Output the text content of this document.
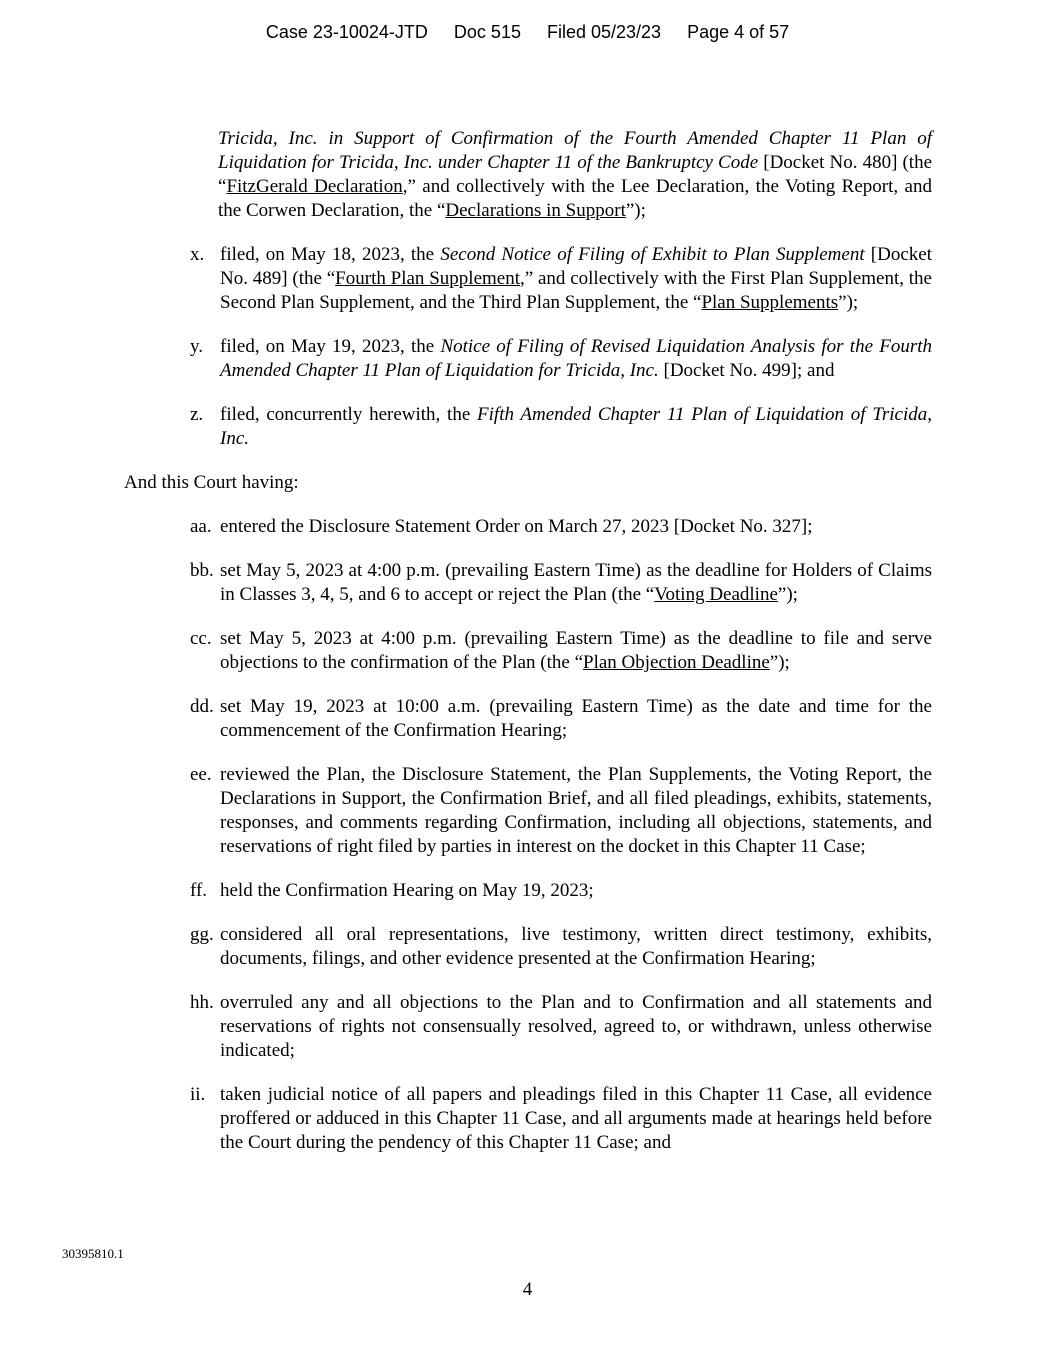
Case 23-10024-JTD Doc 515 Filed 05/23/23 Page 4 of 57

Tricida, Inc. in Support of Confirmation of the Fourth Amended Chapter 11 Plan of Liquidation for Tricida, Inc. under Chapter 11 of the Bankruptcy Code [Docket No. 480] (the “FitzGerald Declaration,” and collectively with the Lee Declaration, the Voting Report, and the Corwen Declaration, the “Declarations in Support”);

x. filed, on May 18, 2023, the Second Notice of Filing of Exhibit to Plan Supplement [Docket No. 489] (the “Fourth Plan Supplement,” and collectively with the First Plan Supplement, the Second Plan Supplement, and the Third Plan Supplement, the “Plan Supplements”);
y. filed, on May 19, 2023, the Notice of Filing of Revised Liquidation Analysis for the Fourth Amended Chapter 11 Plan of Liquidation for Tricida, Inc. [Docket No. 499]; and
z. filed, concurrently herewith, the Fifth Amended Chapter 11 Plan of Liquidation of Tricida, Inc.

And this Court having:

aa. entered the Disclosure Statement Order on March 27, 2023 [Docket No. 327];
bb. set May 5, 2023 at 4:00 p.m. (prevailing Eastern Time) as the deadline for Holders of Claims in Classes 3, 4, 5, and 6 to accept or reject the Plan (the “Voting Deadline”);
cc. set May 5, 2023 at 4:00 p.m. (prevailing Eastern Time) as the deadline to file and serve objections to the confirmation of the Plan (the “Plan Objection Deadline”);
dd. set May 19, 2023 at 10:00 a.m. (prevailing Eastern Time) as the date and time for the commencement of the Confirmation Hearing;
ee. reviewed the Plan, the Disclosure Statement, the Plan Supplements, the Voting Report, the Declarations in Support, the Confirmation Brief, and all filed pleadings, exhibits, statements, responses, and comments regarding Confirmation, including all objections, statements, and reservations of right filed by parties in interest on the docket in this Chapter 11 Case;
ff. held the Confirmation Hearing on May 19, 2023;
gg. considered all oral representations, live testimony, written direct testimony, exhibits, documents, filings, and other evidence presented at the Confirmation Hearing;
hh. overruled any and all objections to the Plan and to Confirmation and all statements and reservations of rights not consensually resolved, agreed to, or withdrawn, unless otherwise indicated;
ii. taken judicial notice of all papers and pleadings filed in this Chapter 11 Case, all evidence proffered or adduced in this Chapter 11 Case, and all arguments made at hearings held before the Court during the pendency of this Chapter 11 Case; and
30395810.1
4
